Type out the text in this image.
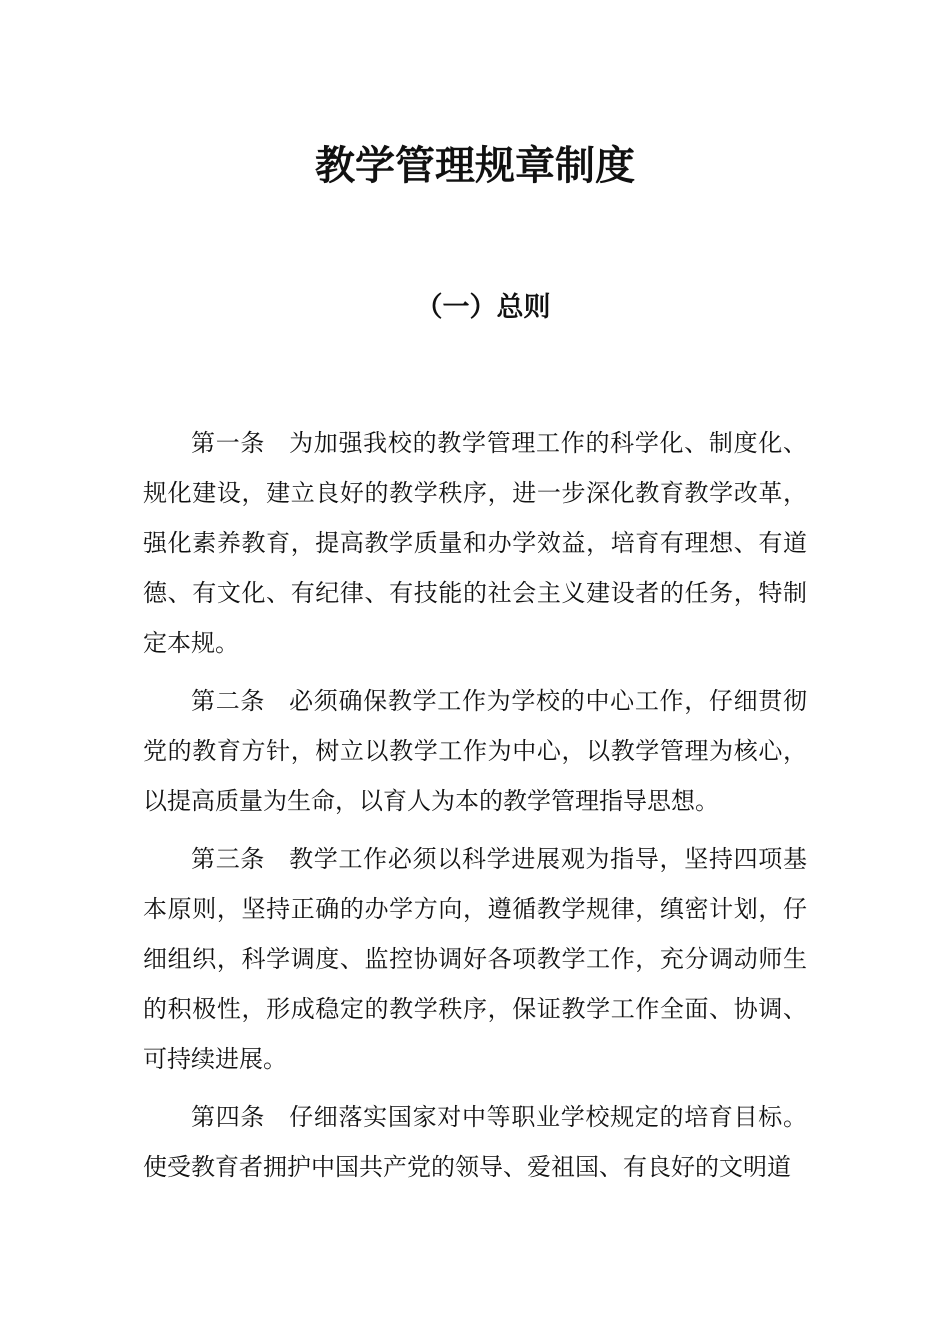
教学管理规章制度
（一）总则

第一条 为加强我校的教学管理工作的科学化、制度化、规化建设，建立良好的教学秩序，进一步深化教育教学改革，强化素养教育，提高教学质量和办学效益，培育有理想、有道德、有文化、有纪律、有技能的社会主义建设者的任务，特制定本规。

第二条 必须确保教学工作为学校的中心工作，仔细贯彻党的教育方针，树立以教学工作为中心，以教学管理为核心，以提高质量为生命，以育人为本的教学管理指导思想。

第三条 教学工作必须以科学进展观为指导，坚持四项基本原则，坚持正确的办学方向，遵循教学规律，缜密计划，仔细组织，科学调度、监控协调好各项教学工作，充分调动师生的积极性，形成稳定的教学秩序，保证教学工作全面、协调、可持续进展。

第四条 仔细落实国家对中等职业学校规定的培育目标。使受教育者拥护中国共产党的领导、爱祖国、有良好的文明道
